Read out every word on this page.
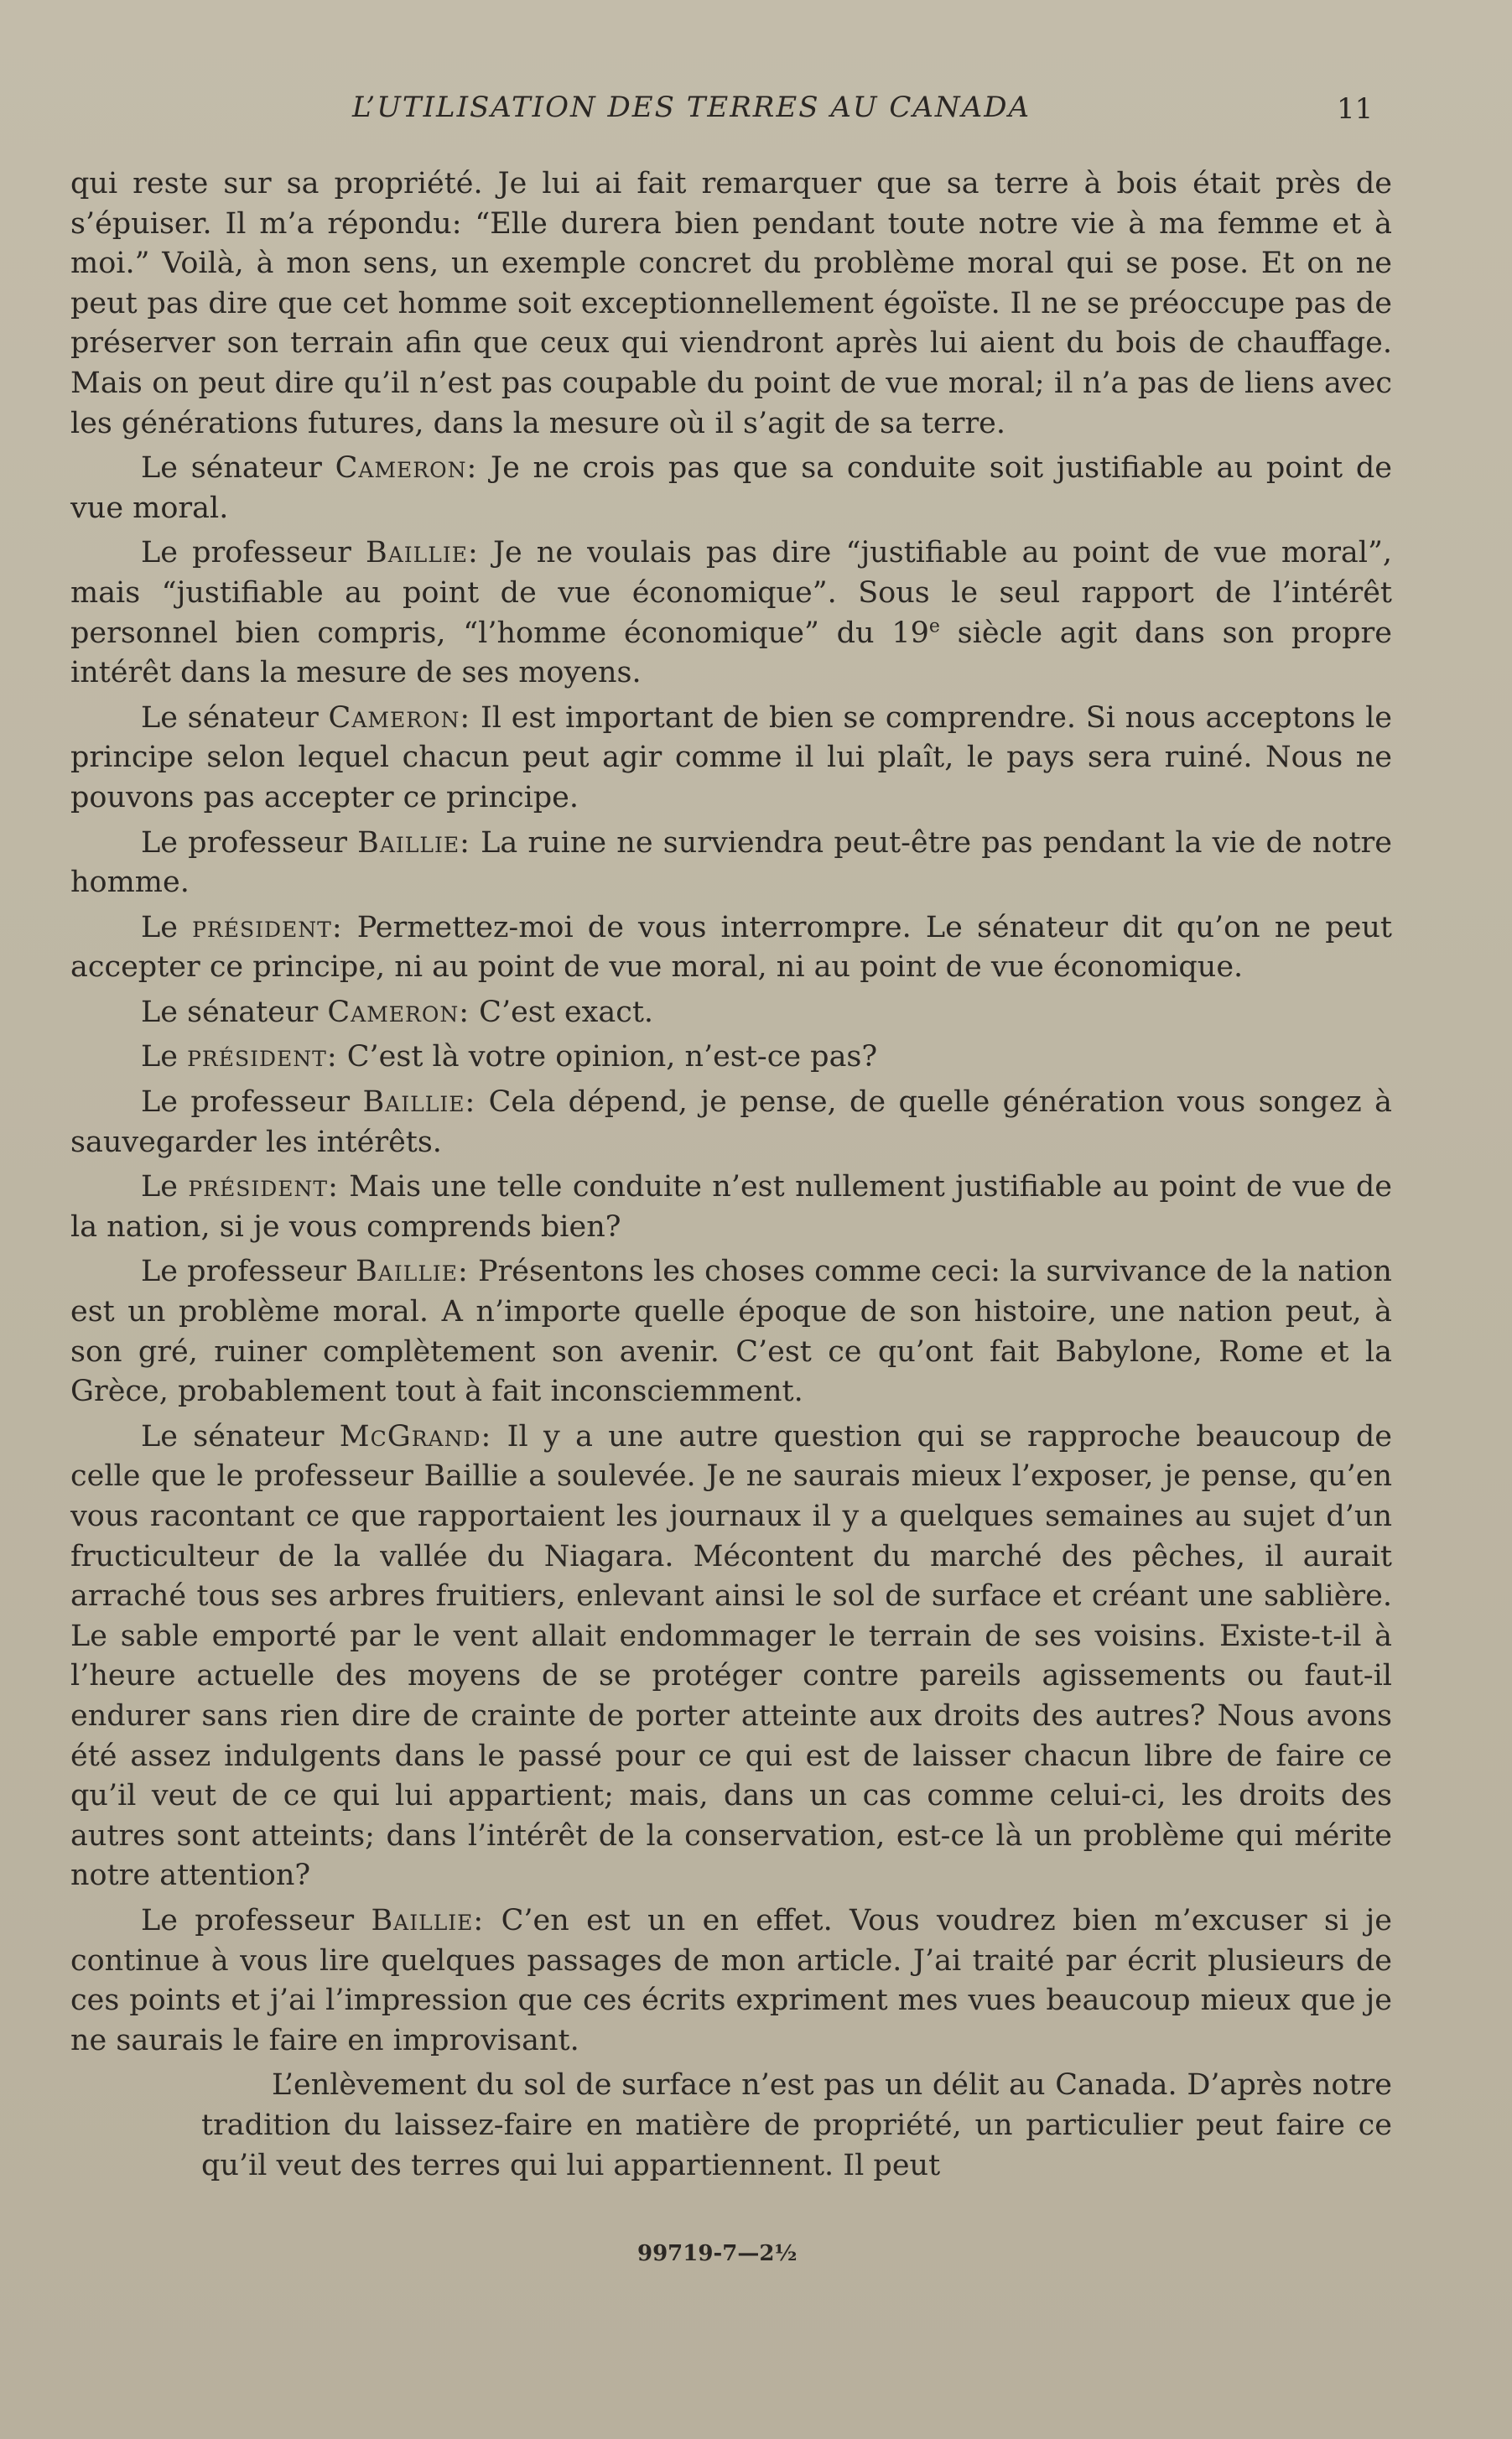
L’UTILISATION DES TERRES AU CANADA	11

qui reste sur sa propriété. Je lui ai fait remarquer que sa terre à bois était près de s’épuiser. Il m’a répondu: “Elle durera bien pendant toute notre vie à ma femme et à moi.” Voilà, à mon sens, un exemple concret du problème moral qui se pose. Et on ne peut pas dire que cet homme soit exceptionnellement égoïste. Il ne se préoccupe pas de préserver son terrain afin que ceux qui viendront après lui aient du bois de chauffage. Mais on peut dire qu’il n’est pas coupable du point de vue moral; il n’a pas de liens avec les générations futures, dans la mesure où il s’agit de sa terre.

Le sénateur Cameron: Je ne crois pas que sa conduite soit justifiable au point de vue moral.

Le professeur Baillie: Je ne voulais pas dire “justifiable au point de vue moral”, mais “justifiable au point de vue économique”. Sous le seul rapport de l’intérêt personnel bien compris, “l’homme économique” du 19e siècle agit dans son propre intérêt dans la mesure de ses moyens.

Le sénateur Cameron: Il est important de bien se comprendre. Si nous acceptons le principe selon lequel chacun peut agir comme il lui plaît, le pays sera ruiné. Nous ne pouvons pas accepter ce principe.

Le professeur Baillie: La ruine ne surviendra peut-être pas pendant la vie de notre homme.

Le président: Permettez-moi de vous interrompre. Le sénateur dit qu’on ne peut accepter ce principe, ni au point de vue moral, ni au point de vue économique.

Le sénateur Cameron: C’est exact.

Le président: C’est là votre opinion, n’est-ce pas?

Le professeur Baillie: Cela dépend, je pense, de quelle génération vous songez à sauvegarder les intérêts.

Le président: Mais une telle conduite n’est nullement justifiable au point de vue de la nation, si je vous comprends bien?

Le professeur Baillie: Présentons les choses comme ceci: la survivance de la nation est un problème moral. A n’importe quelle époque de son histoire, une nation peut, à son gré, ruiner complètement son avenir. C’est ce qu’ont fait Babylone, Rome et la Grèce, probablement tout à fait inconsciemment.

Le sénateur McGrand: Il y a une autre question qui se rapproche beaucoup de celle que le professeur Baillie a soulevée. Je ne saurais mieux l’exposer, je pense, qu’en vous racontant ce que rapportaient les journaux il y a quelques semaines au sujet d’un fructiculteur de la vallée du Niagara. Mécontent du marché des pêches, il aurait arraché tous ses arbres fruitiers, enlevant ainsi le sol de surface et créant une sablière. Le sable emporté par le vent allait endommager le terrain de ses voisins. Existe-t-il à l’heure actuelle des moyens de se protéger contre pareils agissements ou faut-il endurer sans rien dire de crainte de porter atteinte aux droits des autres? Nous avons été assez indulgents dans le passé pour ce qui est de laisser chacun libre de faire ce qu’il veut de ce qui lui appartient; mais, dans un cas comme celui-ci, les droits des autres sont atteints; dans l’intérêt de la conservation, est-ce là un problème qui mérite notre attention?

Le professeur Baillie: C’en est un en effet. Vous voudrez bien m’excuser si je continue à vous lire quelques passages de mon article. J’ai traité par écrit plusieurs de ces points et j’ai l’impression que ces écrits expriment mes vues beaucoup mieux que je ne saurais le faire en improvisant.

L’enlèvement du sol de surface n’est pas un délit au Canada. D’après notre tradition du laissez-faire en matière de propriété, un particulier peut faire ce qu’il veut des terres qui lui appartiennent. Il peut

99719-7—2½
